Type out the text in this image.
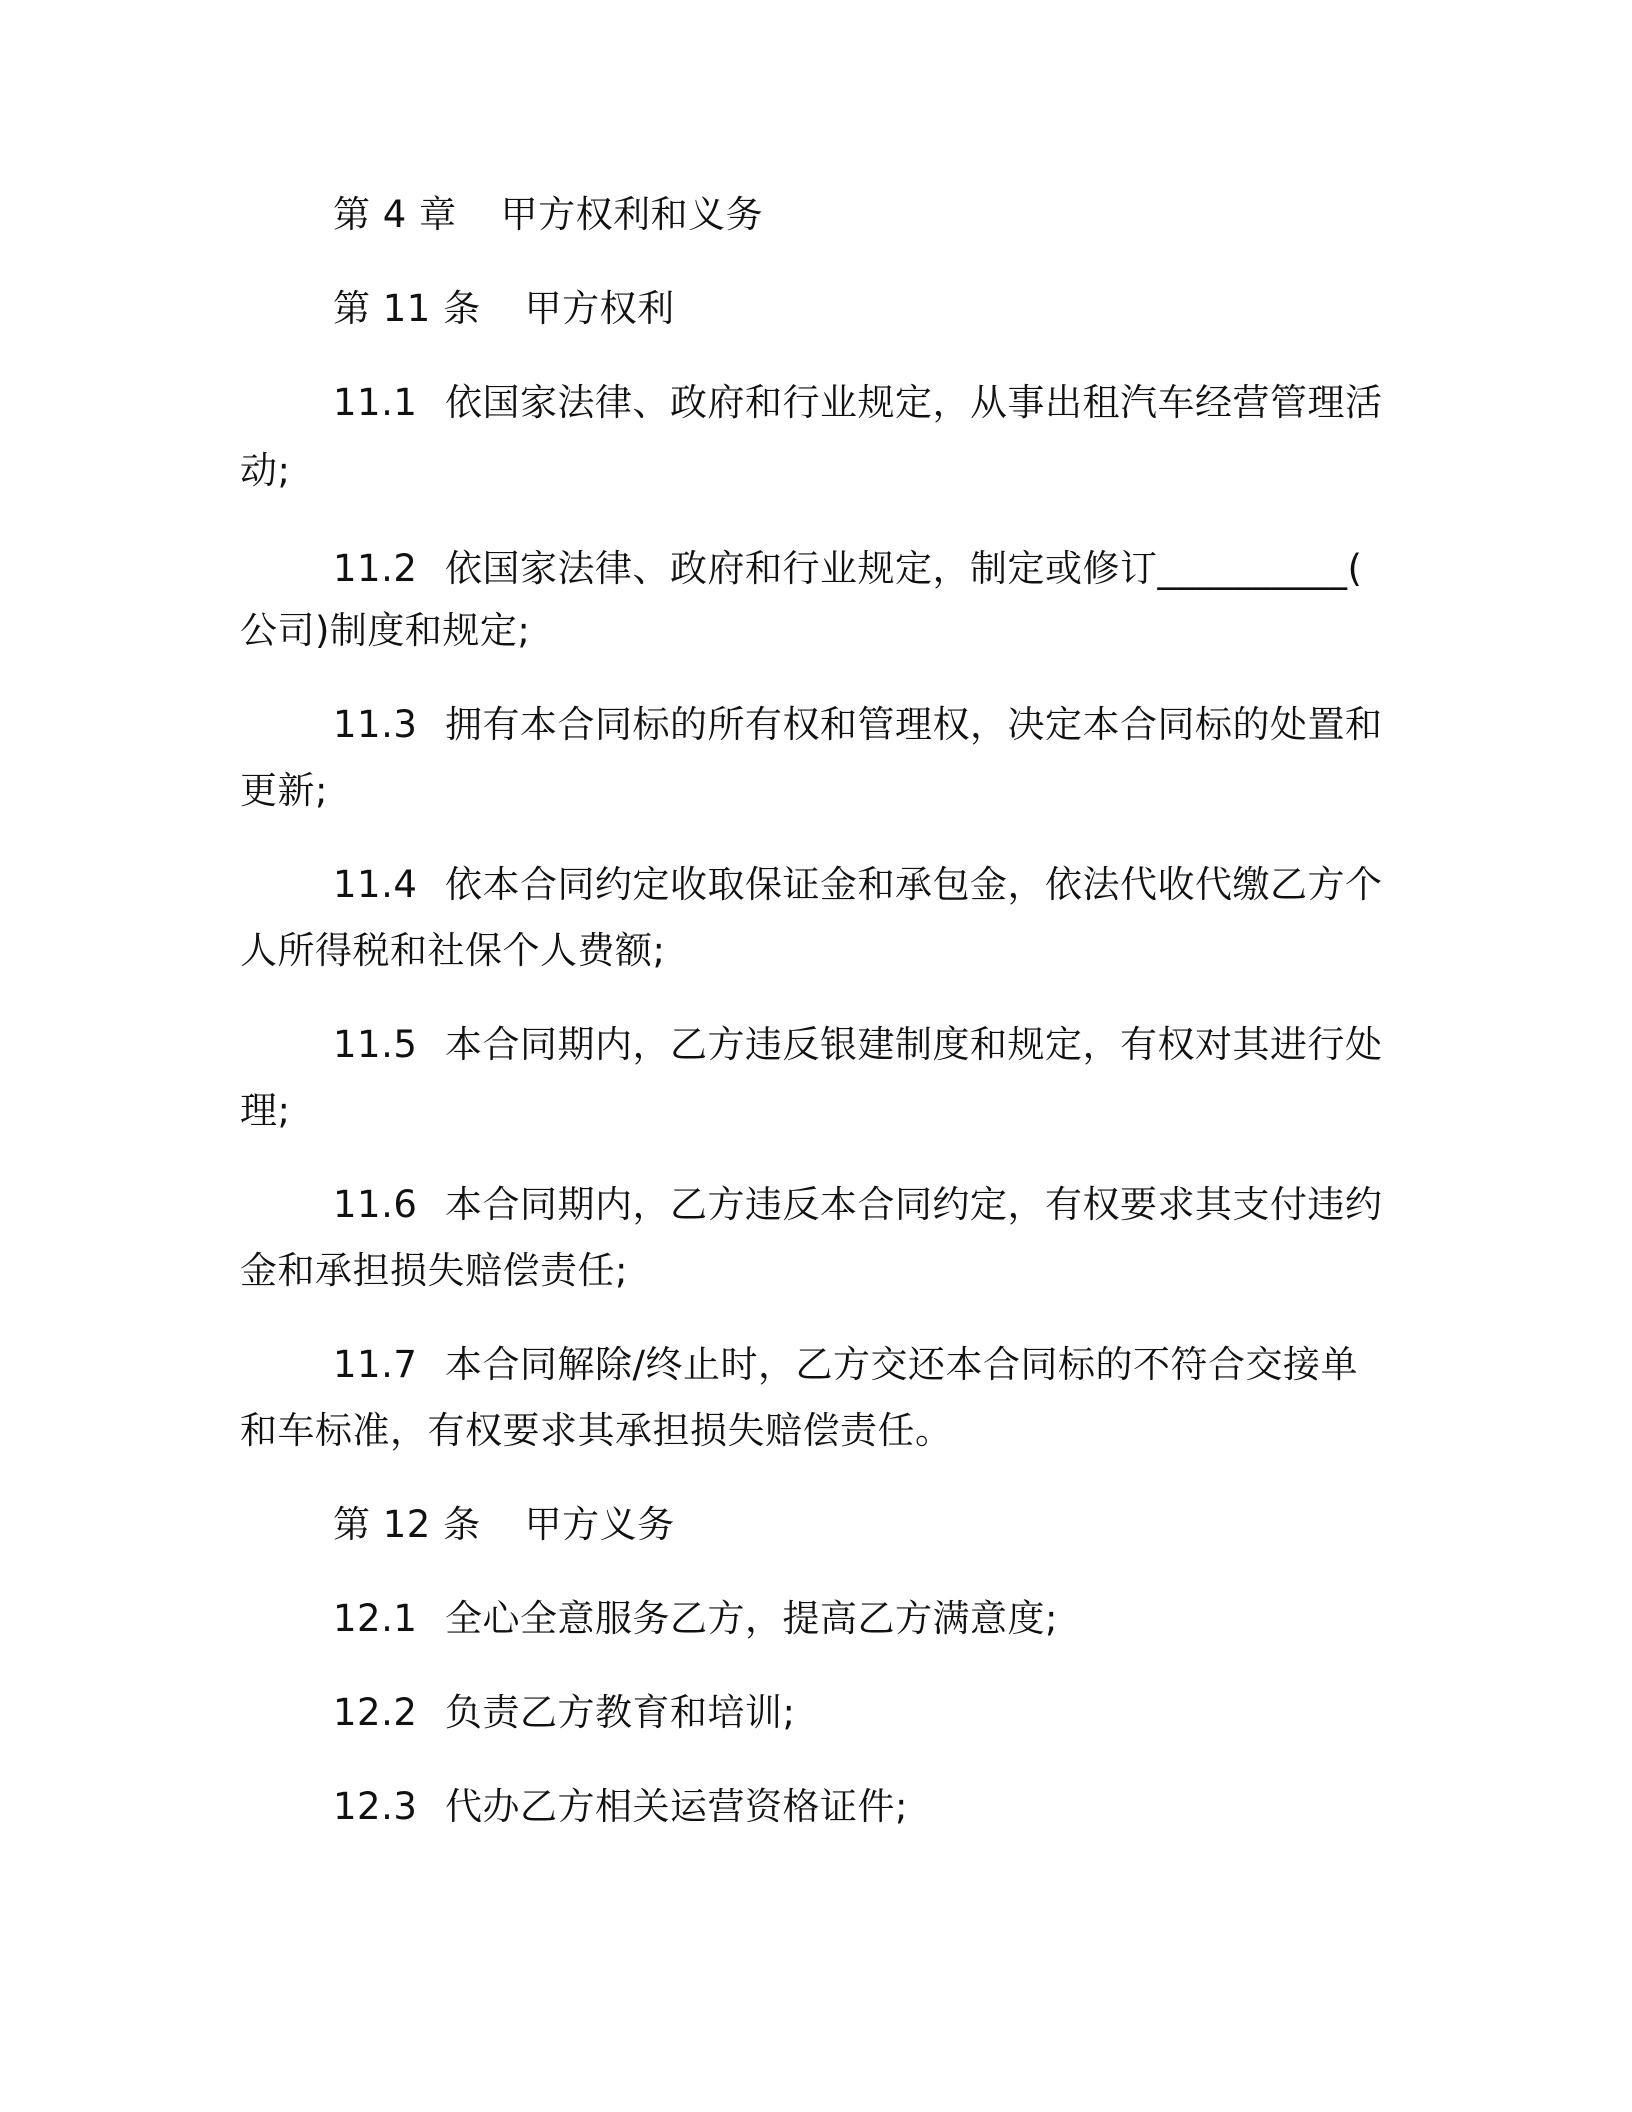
第 4 章 甲方权利和义务
第 11 条 甲方权利
11.1 依国家法律、政府和行业规定，从事出租汽车经营管理活
动;
11.2 依国家法律、政府和行业规定，制定或修订__________(
公司)制度和规定;
11.3 拥有本合同标的所有权和管理权，决定本合同标的处置和
更新;
11.4 依本合同约定收取保证金和承包金，依法代收代缴乙方个
人所得税和社保个人费额;
11.5 本合同期内，乙方违反银建制度和规定，有权对其进行处
理;
11.6 本合同期内，乙方违反本合同约定，有权要求其支付违约
金和承担损失赔偿责任;
11.7 本合同解除/终止时，乙方交还本合同标的不符合交接单
和车标准，有权要求其承担损失赔偿责任。
第 12 条 甲方义务
12.1 全心全意服务乙方，提高乙方满意度;
12.2 负责乙方教育和培训;
12.3 代办乙方相关运营资格证件;
